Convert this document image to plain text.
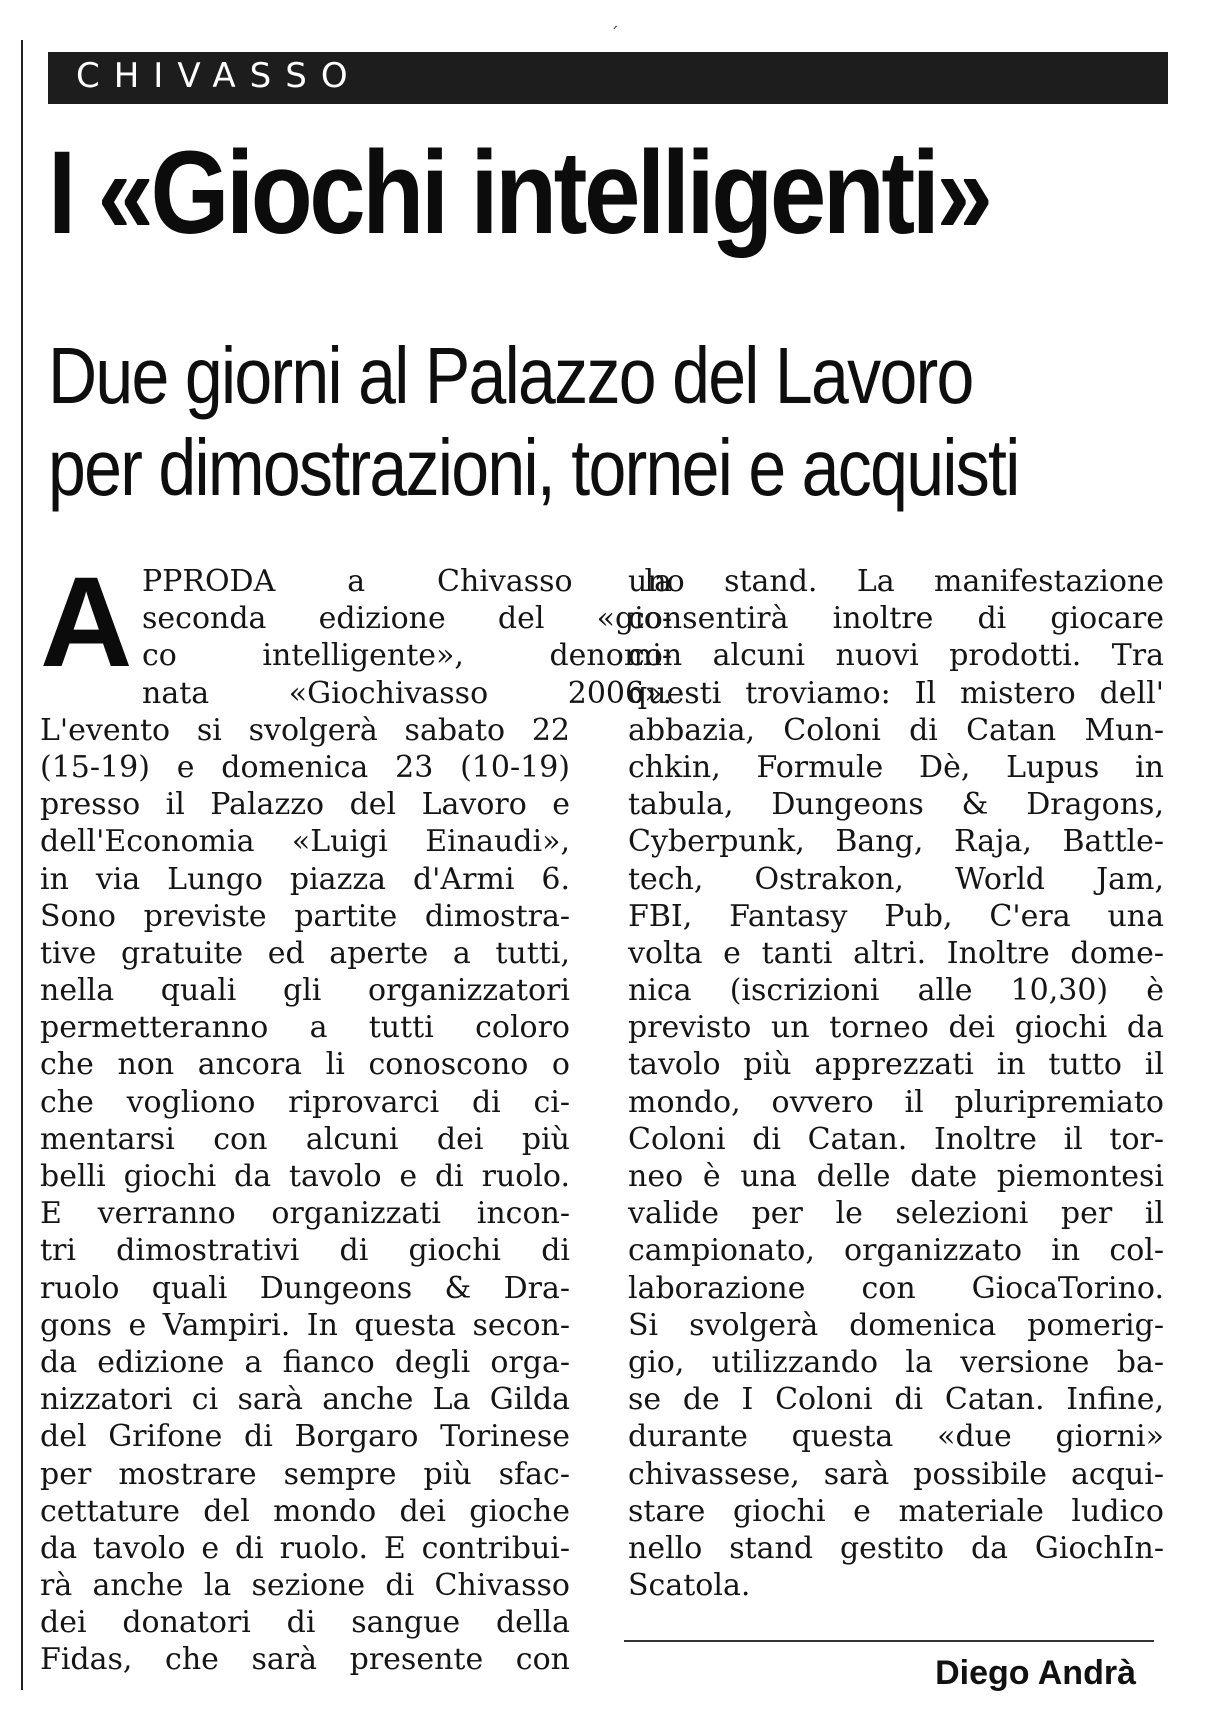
ˊ
CHIVASSO
I «Giochi intelligenti»
Due giorni al Palazzo del Lavoro
per dimostrazioni, tornei e acquisti
A PPRODA a Chivasso la
seconda edizione del «gio-
co intelligente», denomi-
nata «Giochivasso 2006».
L'evento si svolgerà sabato 22
(15-19) e domenica 23 (10-19)
presso il Palazzo del Lavoro e
dell'Economia «Luigi Einaudi»,
in via Lungo piazza d'Armi 6.
Sono previste partite dimostra-
tive gratuite ed aperte a tutti,
nella quali gli organizzatori
permetteranno a tutti coloro
che non ancora li conoscono o
che vogliono riprovarci di ci-
mentarsi con alcuni dei più
belli giochi da tavolo e di ruolo.
E verranno organizzati incon-
tri dimostrativi di giochi di
ruolo quali Dungeons & Dra-
gons e Vampiri. In questa secon-
da edizione a fianco degli orga-
nizzatori ci sarà anche La Gilda
del Grifone di Borgaro Torinese
per mostrare sempre più sfac-
cettature del mondo dei gioche
da tavolo e di ruolo. E contribui-
rà anche la sezione di Chivasso
dei donatori di sangue della
Fidas, che sarà presente con
uno stand. La manifestazione
consentirà inoltre di giocare
con alcuni nuovi prodotti. Tra
questi troviamo: Il mistero dell'
abbazia, Coloni di Catan Mun-
chkin, Formule Dè, Lupus in
tabula, Dungeons & Dragons,
Cyberpunk, Bang, Raja, Battle-
tech, Ostrakon, World Jam,
FBI, Fantasy Pub, C'era una
volta e tanti altri. Inoltre dome-
nica (iscrizioni alle 10,30) è
previsto un torneo dei giochi da
tavolo più apprezzati in tutto il
mondo, ovvero il pluripremiato
Coloni di Catan. Inoltre il tor-
neo è una delle date piemontesi
valide per le selezioni per il
campionato, organizzato in col-
laborazione con GiocaTorino.
Si svolgerà domenica pomerig-
gio, utilizzando la versione ba-
se de I Coloni di Catan. Infine,
durante questa «due giorni»
chivassese, sarà possibile acqui-
stare giochi e materiale ludico
nello stand gestito da GiochIn-
Scatola.
Diego Andrà
